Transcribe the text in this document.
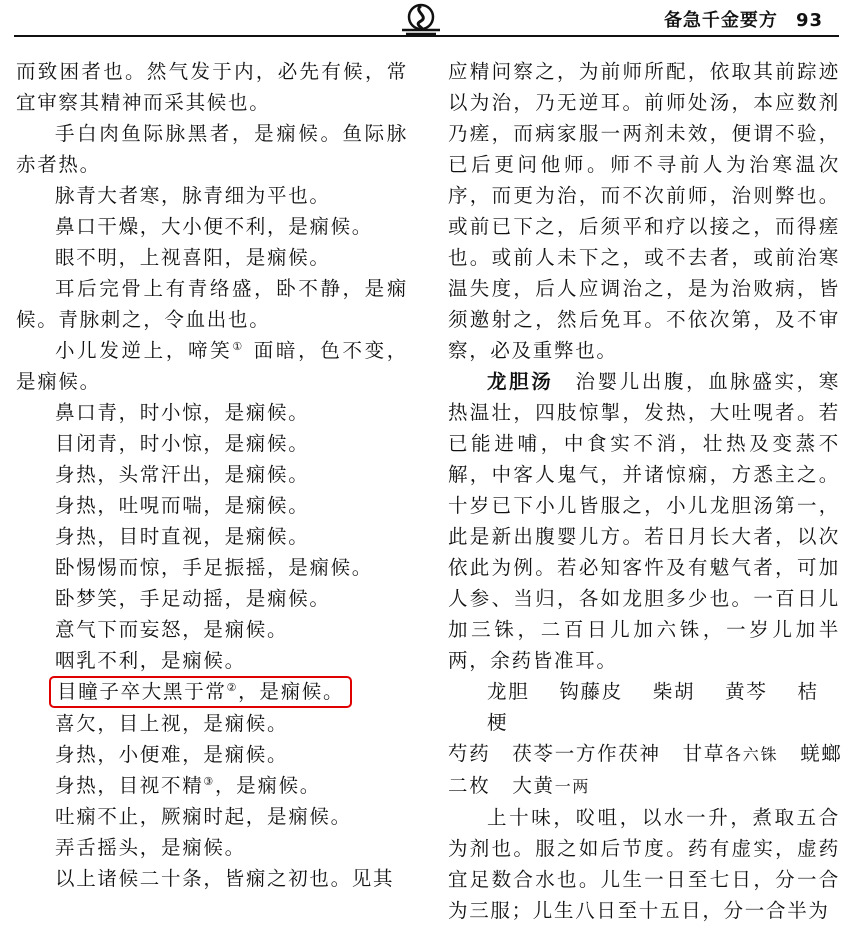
备急千金要方 93

而致困者也。然气发于内，必先有候，常宜审察其精神而采其候也。

手白肉鱼际脉黑者，是痫候。鱼际脉赤者热。

脉青大者寒，脉青细为平也。

鼻口干燥，大小便不利，是痫候。

眼不明，上视喜阳，是痫候。

耳后完骨上有青络盛，卧不静，是痫候。青脉刺之，令血出也。

小儿发逆上，啼笑① 面暗，色不变，是痫候。

鼻口青，时小惊，是痫候。

目闭青，时小惊，是痫候。

身热，头常汗出，是痫候。

身热，吐哯而喘，是痫候。

身热，目时直视，是痫候。

卧惕惕而惊，手足振摇，是痫候。

卧梦笑，手足动摇，是痫候。

意气下而妄怒，是痫候。

咽乳不利，是痫候。

目瞳子卒大黑于常②，是痫候。

喜欠，目上视，是痫候。

身热，小便难，是痫候。

身热，目视不精③，是痫候。

吐痫不止，厥痫时起，是痫候。

弄舌摇头，是痫候。

以上诸候二十条，皆痫之初也。见其

应精问察之，为前师所配，依取其前踪迹以为治，乃无逆耳。前师处汤，本应数剂乃瘥，而病家服一两剂未效，便谓不验，已后更问他师。师不寻前人为治寒温次序，而更为治，而不次前师，治则弊也。或前已下之，后须平和疗以接之，而得瘥也。或前人未下之，或不去者，或前治寒温失度，后人应调治之，是为治败病，皆须邀射之，然后免耳。不依次第，及不审察，必及重弊也。

龙胆汤　治婴儿出腹，血脉盛实，寒热温壮，四肢惊掣，发热，大吐哯者。若已能进哺，中食实不消，壮热及变蒸不解，中客人鬼气，并诸惊痫，方悉主之。十岁已下小儿皆服之，小儿龙胆汤第一，此是新出腹婴儿方。若日月长大者，以次依此为例。若必知客忤及有魃气者，可加人参、当归，各如龙胆多少也。一百日儿加三铢，二百日儿加六铢，一岁儿加半两，余药皆准耳。

龙胆 钩藤皮 柴胡 黄芩 桔梗

芍药 茯苓一方作茯神 甘草各六铢 蜣螂

二枚 大黄一两

上十味，㕮咀，以水一升，煮取五合为剂也。服之如后节度。药有虚实，虚药宜足数合水也。儿生一日至七日，分一合为三服；儿生八日至十五日，分一合半为
